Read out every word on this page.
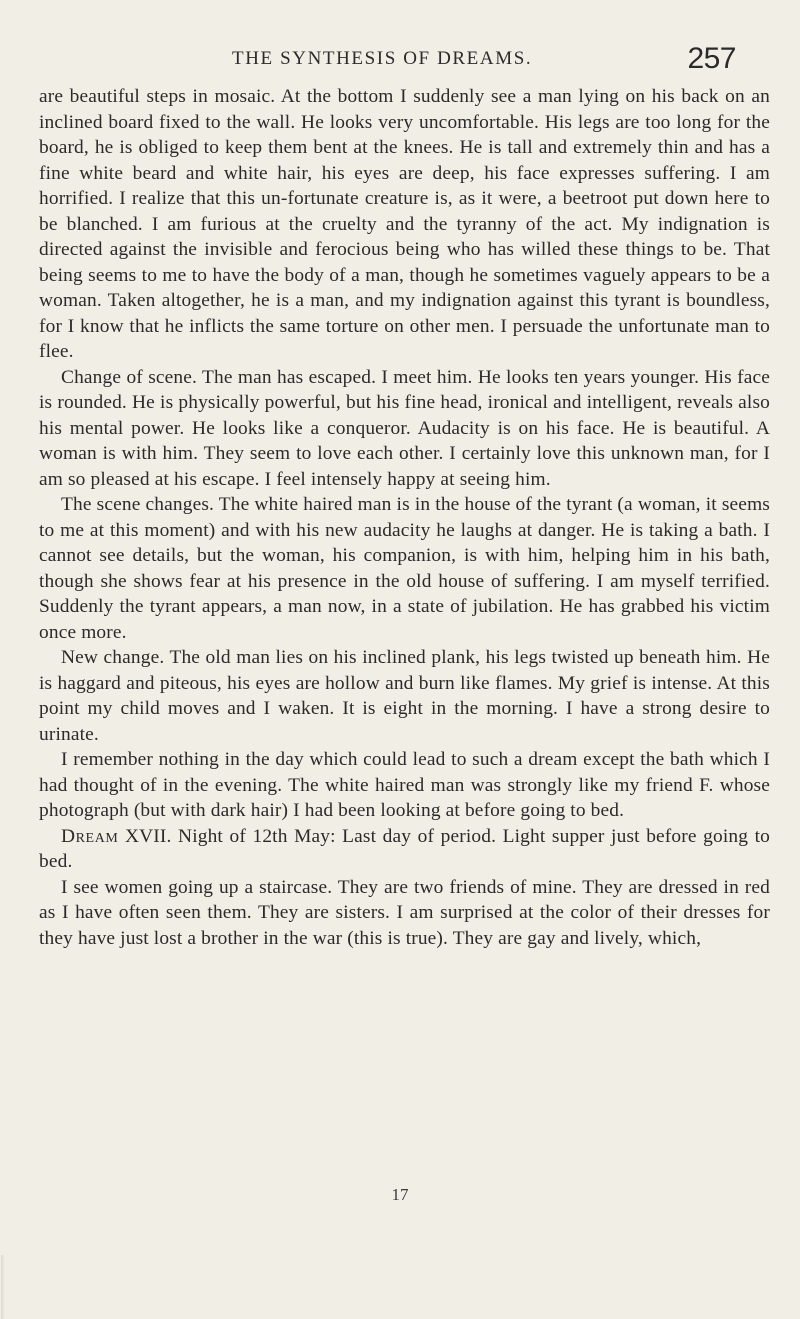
THE SYNTHESIS OF DREAMS.	257

are beautiful steps in mosaic. At the bottom I suddenly see a man lying on his back on an inclined board fixed to the wall. He looks very uncomfortable. His legs are too long for the board, he is obliged to keep them bent at the knees. He is tall and extremely thin and has a fine white beard and white hair, his eyes are deep, his face expresses suffering. I am horrified. I realize that this un-fortunate creature is, as it were, a beetroot put down here to be blanched. I am furious at the cruelty and the tyranny of the act. My indignation is directed against the invisible and ferocious being who has willed these things to be. That being seems to me to have the body of a man, though he sometimes vaguely appears to be a woman. Taken altogether, he is a man, and my indignation against this tyrant is boundless, for I know that he inflicts the same torture on other men. I persuade the unfortunate man to flee.

Change of scene. The man has escaped. I meet him. He looks ten years younger. His face is rounded. He is physically powerful, but his fine head, ironical and intelligent, reveals also his mental power. He looks like a conqueror. Audacity is on his face. He is beautiful. A woman is with him. They seem to love each other. I certainly love this unknown man, for I am so pleased at his escape. I feel intensely happy at seeing him.

The scene changes. The white haired man is in the house of the tyrant (a woman, it seems to me at this moment) and with his new audacity he laughs at danger. He is taking a bath. I cannot see details, but the woman, his companion, is with him, helping him in his bath, though she shows fear at his presence in the old house of suffering. I am myself terrified. Suddenly the tyrant appears, a man now, in a state of jubilation. He has grabbed his victim once more.

New change. The old man lies on his inclined plank, his legs twisted up beneath him. He is haggard and piteous, his eyes are hollow and burn like flames. My grief is intense. At this point my child moves and I waken. It is eight in the morning. I have a strong desire to urinate.

I remember nothing in the day which could lead to such a dream except the bath which I had thought of in the evening. The white haired man was strongly like my friend F. whose photograph (but with dark hair) I had been looking at before going to bed.

Dream XVII. Night of 12th May: Last day of period. Light supper just before going to bed.

I see women going up a staircase. They are two friends of mine. They are dressed in red as I have often seen them. They are sisters. I am surprised at the color of their dresses for they have just lost a brother in the war (this is true). They are gay and lively, which,

17
